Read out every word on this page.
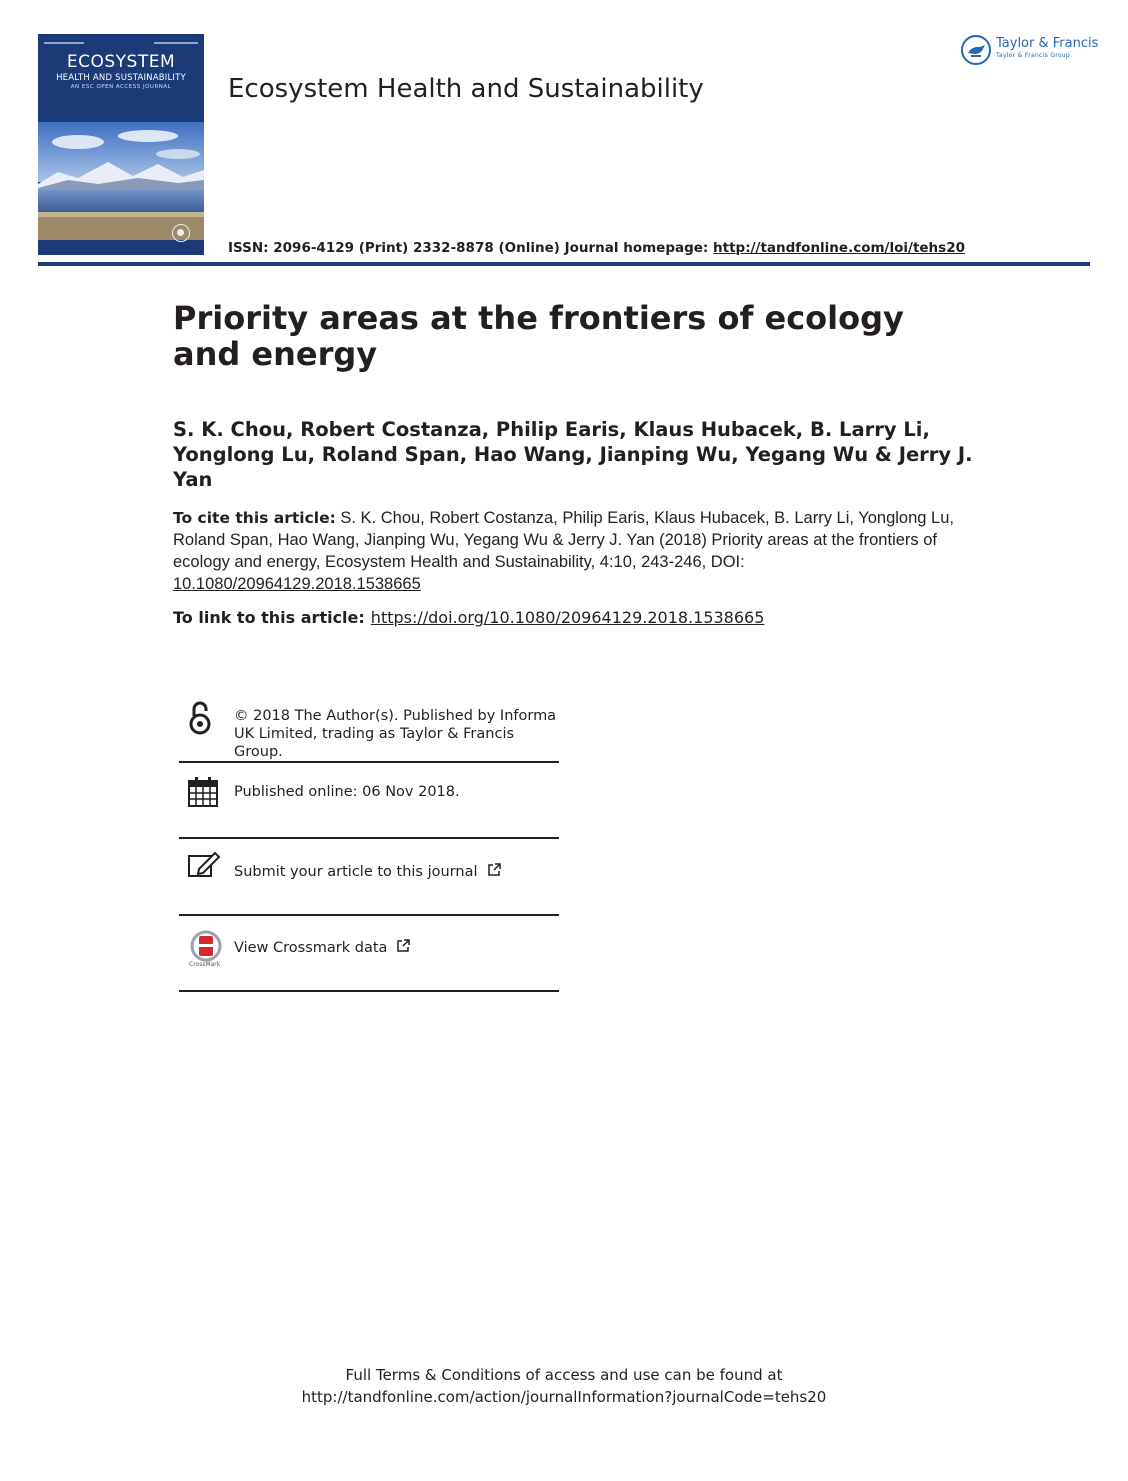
ECOSYSTEM
HEALTH AND SUSTAINABILITY
AN ESC OPEN ACCESS JOURNAL	Ecosystem Health and Sustainability
Taylor & Francis
Taylor & Francis Group
ISSN: 2096-4129 (Print) 2332-8878 (Online) Journal homepage: http://tandfonline.com/loi/tehs20
Priority areas at the frontiers of ecology and energy
S. K. Chou, Robert Costanza, Philip Earis, Klaus Hubacek, B. Larry Li,
Yonglong Lu, Roland Span, Hao Wang, Jianping Wu, Yegang Wu & Jerry J. Yan
To cite this article: S. K. Chou, Robert Costanza, Philip Earis, Klaus Hubacek, B. Larry Li, Yonglong Lu, Roland Span, Hao Wang, Jianping Wu, Yegang Wu & Jerry J. Yan (2018) Priority areas at the frontiers of ecology and energy, Ecosystem Health and Sustainability, 4:10, 243-246, DOI: 10.1080/20964129.2018.1538665
To link to this article: https://doi.org/10.1080/20964129.2018.1538665
© 2018 The Author(s). Published by Informa UK Limited, trading as Taylor & Francis Group.
Published online: 06 Nov 2018.
Submit your article to this journal
CrossMark
View Crossmark data
Full Terms & Conditions of access and use can be found at
http://tandfonline.com/action/journalInformation?journalCode=tehs20
